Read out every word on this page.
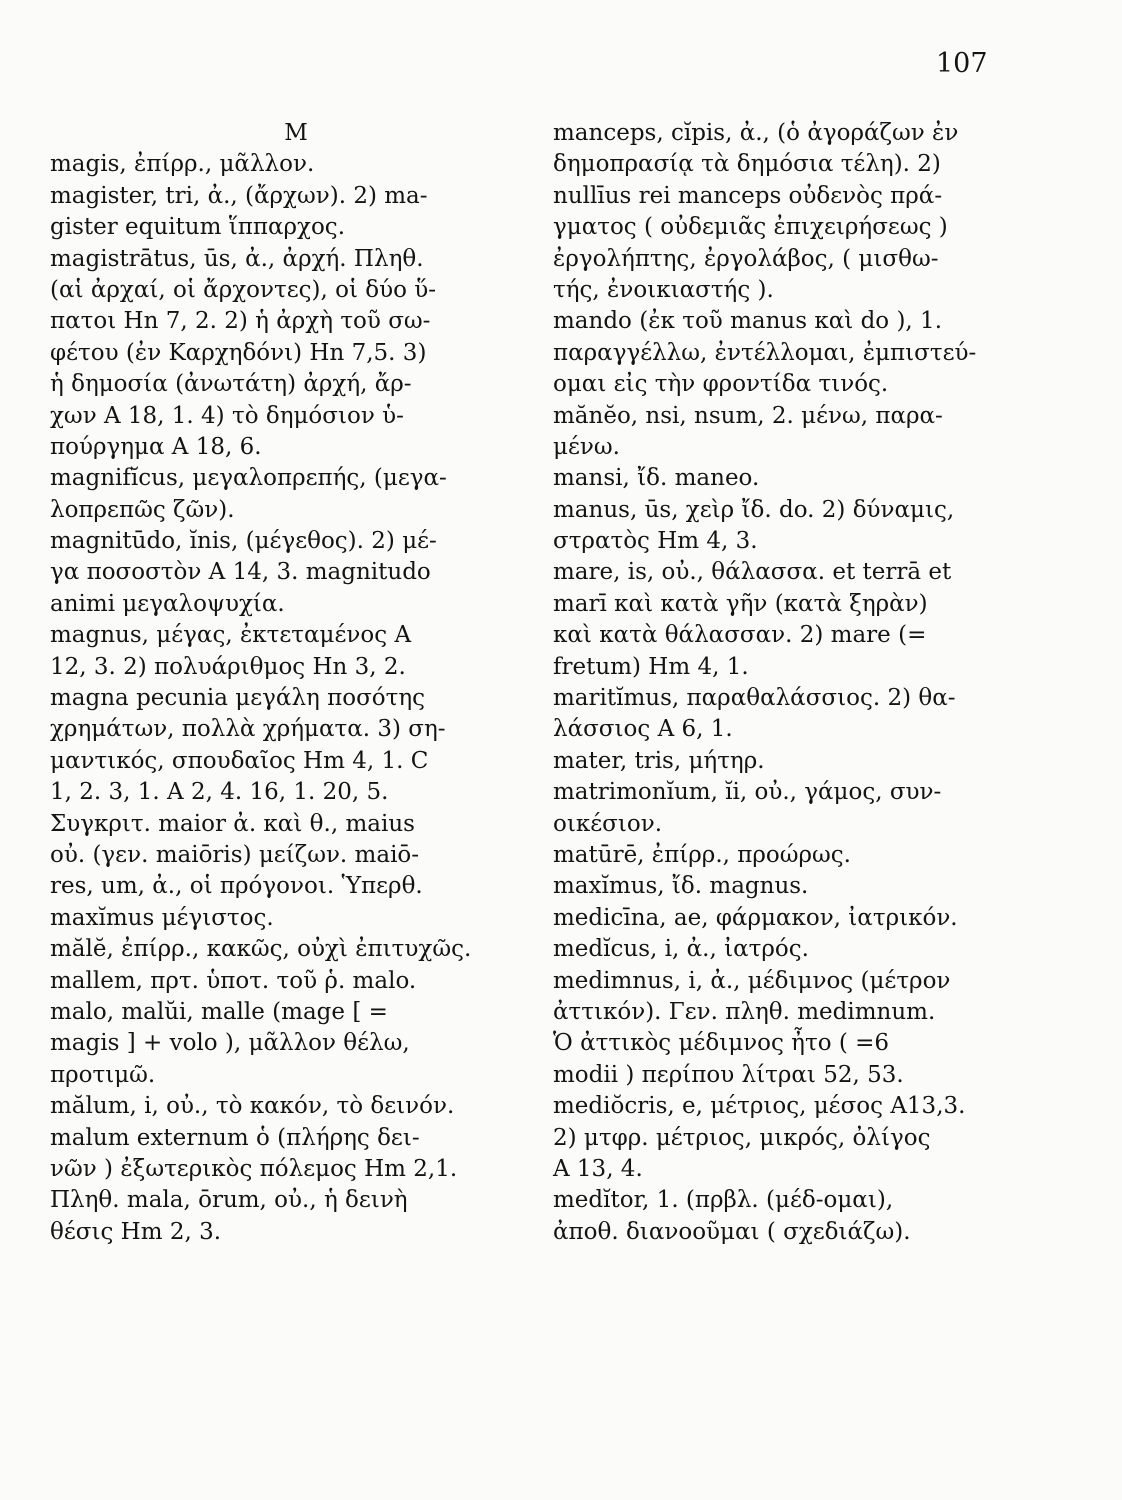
107
M
magis, ἐπίρρ., μᾶλλον.
magister, tri, ἀ., (ἄρχων). 2) ma-
gister equitum ἵππαρχος.
magistrātus, ūs, ἀ., ἀρχή. Πληθ.
(αἱ ἀρχαί, οἱ ἄρχοντες), οἱ δύο ὕ-
πατοι Hn 7, 2. 2) ἡ ἀρχὴ τοῦ σω-
φέτου (ἐν Καρχηδόνι) Hn 7,5. 3)
ἡ δημοσία (ἀνωτάτη) ἀρχή, ἄρ-
χων A 18, 1. 4) τὸ δημόσιον ὑ-
πούργημα A 18, 6.
magnifĭcus, μεγαλοπρεπής, (μεγα-
λοπρεπῶς ζῶν).
magnitūdo, ĭnis, (μέγεθος). 2) μέ-
γα ποσοστὸν A 14, 3. magnitudo
animi μεγαλοψυχία.
magnus, μέγας, ἐκτεταμένος A
12, 3. 2) πολυάριθμος Hn 3, 2.
magna pecunia μεγάλη ποσότης
χρημάτων, πολλὰ χρήματα. 3) ση-
μαντικός, σπουδαῖος Hm 4, 1. C
1, 2. 3, 1. A 2, 4. 16, 1. 20, 5.
Συγκριτ. maior ἀ. καὶ θ., maius
οὐ. (γεν. maiōris) μείζων. maiō-
res, um, ἀ., οἱ πρόγονοι. Ὑπερθ.
maxĭmus μέγιστος.
mălĕ, ἐπίρρ., κακῶς, οὐχὶ ἐπιτυχῶς.
mallem, πρτ. ὑποτ. τοῦ ῥ. malo.
malo, malŭi, malle (mage [ =
magis ] + volo ), μᾶλλον θέλω,
προτιμῶ.
mălum, i, οὐ., τὸ κακόν, τὸ δεινόν.
malum externum ὁ (πλήρης δει-
νῶν ) ἐξωτερικὸς πόλεμος Hm 2,1.
Πληθ. mala, ōrum, οὐ., ἡ δεινὴ
θέσις Hm 2, 3.
manceps, cĭpis, ἀ., (ὁ ἀγοράζων ἐν
δημοπρασίᾳ τὰ δημόσια τέλη). 2)
nullīus rei manceps οὐδενὸς πρά-
γματος ( οὐδεμιᾶς ἐπιχειρήσεως )
ἐργολήπτης, ἐργολάβος, ( μισθω-
τής, ἐνοικιαστής ).
mando (ἐκ τοῦ manus καὶ do ), 1.
παραγγέλλω, ἐντέλλομαι, ἐμπιστεύ-
ομαι εἰς τὴν φροντίδα τινός.
mănĕo, nsi, nsum, 2. μένω, παρα-
μένω.
mansi, ἴδ. maneo.
manus, ūs, χεὶρ ἴδ. do. 2) δύναμις,
στρατὸς Hm 4, 3.
mare, is, οὐ., θάλασσα. et terrā et
marī καὶ κατὰ γῆν (κατὰ ξηρὰν)
καὶ κατὰ θάλασσαν. 2) mare (=
fretum) Hm 4, 1.
maritĭmus, παραθαλάσσιος. 2) θα-
λάσσιος A 6, 1.
mater, tris, μήτηρ.
matrimonĭum, ĭi, οὐ., γάμος, συν-
οικέσιον.
matūrē, ἐπίρρ., προώρως.
maxĭmus, ἴδ. magnus.
medicīna, ae, φάρμακον, ἰατρικόν.
medĭcus, i, ἀ., ἰατρός.
medimnus, i, ἀ., μέδιμνος (μέτρον
ἀττικόν). Γεν. πληθ. medimnum.
Ὁ ἀττικὸς μέδιμνος ἦτο ( =6
modii ) περίπου λίτραι 52, 53.
mediŏcris, e, μέτριος, μέσος A13,3.
2) μτφρ. μέτριος, μικρός, ὀλίγος
A 13, 4.
medĭtor, 1. (πρβλ. (μέδ-ομαι),
ἀποθ. διανοοῦμαι ( σχεδιάζω).
